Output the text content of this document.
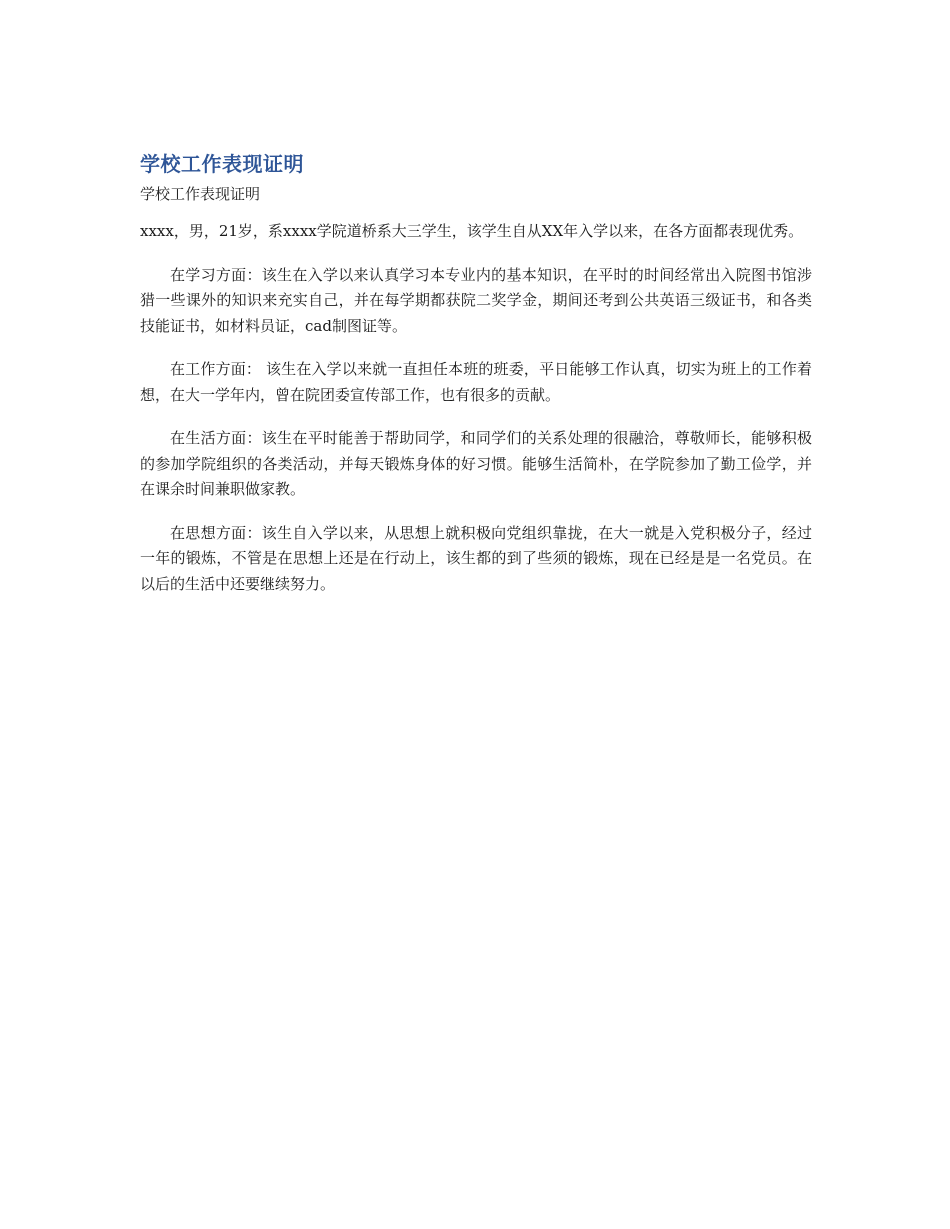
学校工作表现证明

学校工作表现证明

xxxx，男，21岁，系xxxx学院道桥系大三学生，该学生自从XX年入学以来，在各方面都表现优秀。

在学习方面：该生在入学以来认真学习本专业内的基本知识，在平时的时间经常出入院图书馆涉猎一些课外的知识来充实自己，并在每学期都获院二奖学金，期间还考到公共英语三级证书，和各类技能证书，如材料员证，cad制图证等。

在工作方面： 该生在入学以来就一直担任本班的班委，平日能够工作认真，切实为班上的工作着想，在大一学年内，曾在院团委宣传部工作，也有很多的贡献。

在生活方面：该生在平时能善于帮助同学，和同学们的关系处理的很融洽，尊敬师长，能够积极的参加学院组织的各类活动，并每天锻炼身体的好习惯。能够生活简朴，在学院参加了勤工俭学，并在课余时间兼职做家教。

在思想方面：该生自入学以来，从思想上就积极向党组织靠拢，在大一就是入党积极分子，经过一年的锻炼，不管是在思想上还是在行动上，该生都的到了些须的锻炼，现在已经是是一名党员。在以后的生活中还要继续努力。
